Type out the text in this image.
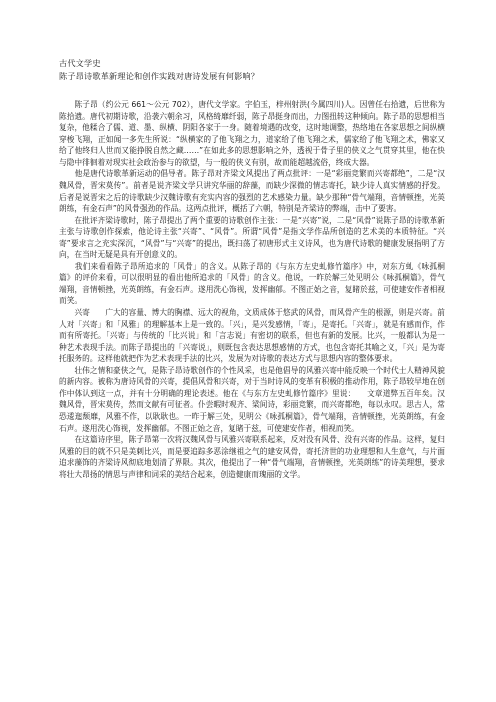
古代文学史
陈子昂诗歌革新理论和创作实践对唐诗发展有何影响？

　　陈子昂（约公元 661～公元 702），唐代文学家。字伯玉，梓州射洪(今属四川)人。因曾任右拾遗，后世称为陈拾遗。唐代初期诗歌，沿袭六朝余习，风格绮靡纤弱，陈子昂挺身而出，力图扭转这种倾向。陈子昂的思想相当复杂，他糅合了儒、道、墨、纵横、阴阳各家于一身。随着境遇的改变，这时地调整，热络地在各家思想之间纵横穿梭飞翔，正如闻一多先生所说：“纵横家的了他飞翔之力，道家给了他飞翔之术，儒家给了他飞翔之术，佛家又给了他终归人世而又能挣脱自然之藏……”在如此多的思想影响之外，透视于骨子里的侠义之气贯穿其里，他在快与隐中徘徊着对现实社会政治参与的欲望，与一般的侠义有别，故而能超越流俗，终成大器。

　　他是唐代诗歌革新运动的倡导者。陈子昂对齐梁文风提出了两点批评：一是“彩丽竞繁而兴寄都绝”，二是“汉魏风骨，晋宋莫传”。前者是说齐梁文学只讲究华丽的辞藻，而缺少深微的情志寄托，缺少诗人真实情感的抒发。后者是说晋宋之后的诗歌缺少汉魏诗歌有充实内容的强烈的艺术感染力量。缺少那种“骨气端翔，音情顿挫，光英朗练，有金石声”的风骨强劲的作品。这两点批评，概括了六朝，特别是齐梁诗的弊端，击中了要害。

　　在批评齐梁诗歌时，陈子昂提出了两个重要的诗歌创作主张：一是“兴寄”说，二是“风骨”说陈子昂的诗歌革新主张与诗歌创作探索，他论诗主张“兴寄”、“风骨”。所谓“风骨”是指文学作品所创造的艺术美的本质特征。“兴寄”要求言之充实深沉，“风骨”与“兴寄”的提出，既扫荡了初唐形式主义诗风，也为唐代诗歌的健康发展指明了方向，在当时无疑是具有开创意义的。

　　我们来看看陈子昂所追求的「风骨」的含义。从陈子昂的《与东方左史虬修竹篇序》中，对东方虬《咏孤桐篇》的评价来看，可以很明显的看出他所追求的「风骨」的含义。他说，一昨於解三处见明公《咏孤桐篇》，骨气端翔，音情顿挫，光英朗练，有金石声。遂用洗心饰视，发挥幽郁。不图正始之音，复睹於兹，可使建安作者相视而笑。

　　兴寄　　广大的容量、博大的胸襟、远大的视角，文质成体于悠武的风骨，而风骨产生的根源，则是兴寄。前人对「兴寄」和「风雅」的理解基本上是一致的。「兴」，是兴发感情，「寄」，是寄托。「兴寄」，就是有感而作，作而有所寄托。「兴寄」与传统的「比兴说」和「言志说」有密切的联系，但也有新的发展。比兴，一般都认为是一种艺术表现手法。而陈子昂提出的「兴寄说」，则既包含表达思想感情的方式，也包含寄托其喻之义，「兴」是为寄托服务的。这样他就把作为艺术表现手法的比兴，发展为对诗歌的表达方式与思想内容的整体要求。

　　壮伟之情和豪侠之气，是陈子昂诗歌创作的个性风采，也是他倡导的风雅兴寄中能反映一个时代士人精神风貌的新内容。被称为唐诗风骨的兴寄，提倡风骨和兴寄，对于当时诗风的变革有积极的推动作用，陈子昂较早地在创作中体认到这一点，并有十分明确的理论表述。他在《与东方左史虬修竹篇序》里说：　　文章道弊五百年矣。汉魏风骨，晋宋莫传，然而文献有可征者。仆尝暇时观齐、梁间诗，彩丽竞繁，而兴寄都绝，每以永叹。思古人，常恐逶迤颓靡，风雅不作，以耿耿也。一昨于解三处，见明公《咏孤桐篇》，骨气端翔，音情顿挫，光英朗练，有金石声。遂用洗心饰视，发挥幽郁。不图正始之音，复睹于兹，可使建安作者，相视而笑。

　　在这篇诗序里，陈子昂第一次将汉魏风骨与风雅兴寄联系起来，反对没有风骨、没有兴寄的作品。这样，复归风雅的目的就不只是美刺比兴，而是要追踪多恶涂继祖之气的建安风骨，寄托济世的功业理想和人生意气，与片面追求藻饰的齐梁诗风彻底地划清了界限。其次，他提出了一种“骨气端翔，音情顿挫，光英朗练”的诗美理想，要求将壮大昂扬的情思与声律和词采的美结合起来，创造健康而瑰丽的文学。
